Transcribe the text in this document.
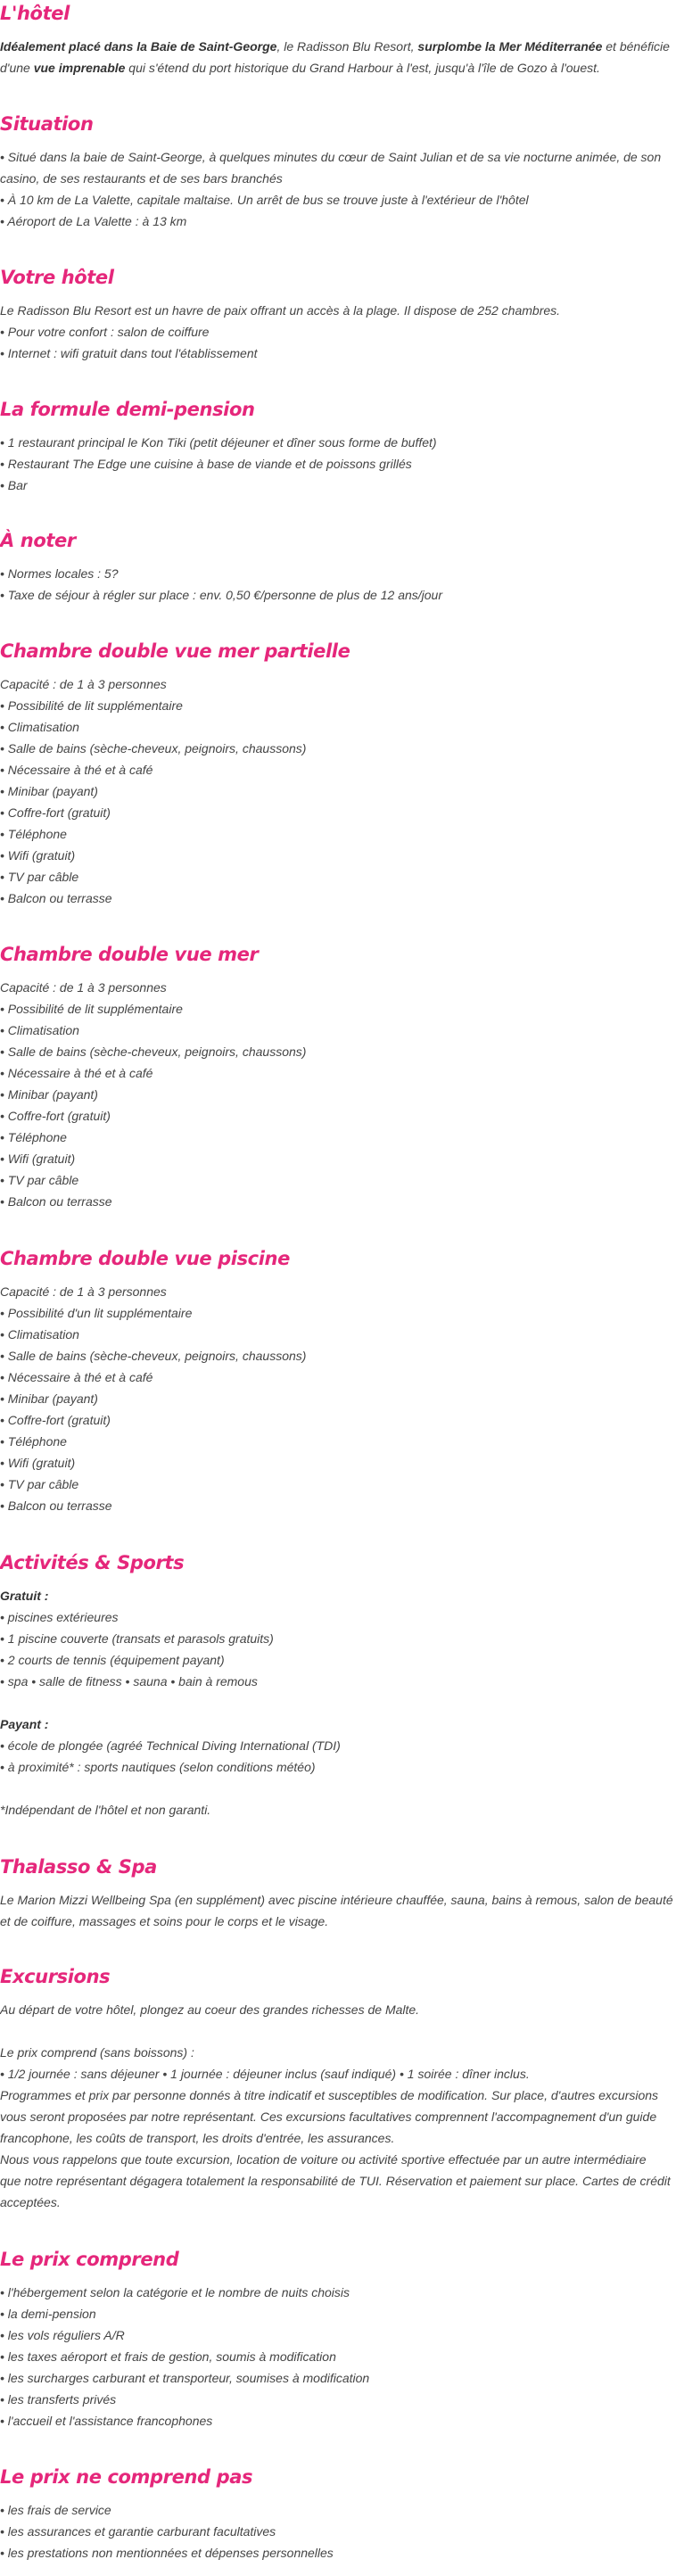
L'hôtel
Idéalement placé dans la Baie de Saint-George, le Radisson Blu Resort, surplombe la Mer Méditerranée et bénéficie d'une vue imprenable qui s'étend du port historique du Grand Harbour à l'est, jusqu'à l'île de Gozo à l'ouest.
Situation
• Situé dans la baie de Saint-George, à quelques minutes du cœur de Saint Julian et de sa vie nocturne animée, de son
casino, de ses restaurants et de ses bars branchés
• À 10 km de La Valette, capitale maltaise. Un arrêt de bus se trouve juste à l'extérieur de l'hôtel
• Aéroport de La Valette : à 13 km
Votre hôtel
Le Radisson Blu Resort est un havre de paix offrant un accès à la plage. Il dispose de 252 chambres.
• Pour votre confort : salon de coiffure
• Internet : wifi gratuit dans tout l'établissement
La formule demi-pension
• 1 restaurant principal le Kon Tiki (petit déjeuner et dîner sous forme de buffet)
• Restaurant The Edge une cuisine à base de viande et de poissons grillés
• Bar
À noter
• Normes locales : 5?
• Taxe de séjour à régler sur place : env. 0,50 €/personne de plus de 12 ans/jour
Chambre double vue mer partielle
Capacité : de 1 à 3 personnes
• Possibilité de lit supplémentaire
• Climatisation
• Salle de bains (sèche-cheveux, peignoirs, chaussons)
• Nécessaire à thé et à café
• Minibar (payant)
• Coffre-fort (gratuit)
• Téléphone
• Wifi (gratuit)
• TV par câble
• Balcon ou terrasse
Chambre double vue mer
Capacité : de 1 à 3 personnes
• Possibilité de lit supplémentaire
• Climatisation
• Salle de bains (sèche-cheveux, peignoirs, chaussons)
• Nécessaire à thé et à café
• Minibar (payant)
• Coffre-fort (gratuit)
• Téléphone
• Wifi (gratuit)
• TV par câble
• Balcon ou terrasse
Chambre double vue piscine
Capacité : de 1 à 3 personnes
• Possibilité d'un lit supplémentaire
• Climatisation
• Salle de bains (sèche-cheveux, peignoirs, chaussons)
• Nécessaire à thé et à café
• Minibar (payant)
• Coffre-fort (gratuit)
• Téléphone
• Wifi (gratuit)
• TV par câble
• Balcon ou terrasse
Activités & Sports
Gratuit :
• piscines extérieures
• 1 piscine couverte (transats et parasols gratuits)
• 2 courts de tennis (équipement payant)
• spa • salle de fitness • sauna • bain à remous
Payant :
• école de plongée (agréé Technical Diving International (TDI)
• à proximité* : sports nautiques (selon conditions météo)
*Indépendant de l'hôtel et non garanti.
Thalasso & Spa
Le Marion Mizzi Wellbeing Spa (en supplément) avec piscine intérieure chauffée, sauna, bains à remous, salon de beauté
et de coiffure, massages et soins pour le corps et le visage.
Excursions
Au départ de votre hôtel, plongez au coeur des grandes richesses de Malte.
Le prix comprend (sans boissons) :
• 1/2 journée : sans déjeuner • 1 journée : déjeuner inclus (sauf indiqué) • 1 soirée : dîner inclus.
Programmes et prix par personne donnés à titre indicatif et susceptibles de modification. Sur place, d'autres excursions
vous seront proposées par notre représentant. Ces excursions facultatives comprennent l'accompagnement d'un guide
francophone, les coûts de transport, les droits d'entrée, les assurances.
Nous vous rappelons que toute excursion, location de voiture ou activité sportive effectuée par un autre intermédiaire
que notre représentant dégagera totalement la responsabilité de TUI. Réservation et paiement sur place. Cartes de crédit
acceptées.
Le prix comprend
• l'hébergement selon la catégorie et le nombre de nuits choisis
• la demi-pension
• les vols réguliers A/R
• les taxes aéroport et frais de gestion, soumis à modification
• les surcharges carburant et transporteur, soumises à modification
• les transferts privés
• l'accueil et l'assistance francophones
Le prix ne comprend pas
• les frais de service
• les assurances et garantie carburant facultatives
• les prestations non mentionnées et dépenses personnelles
